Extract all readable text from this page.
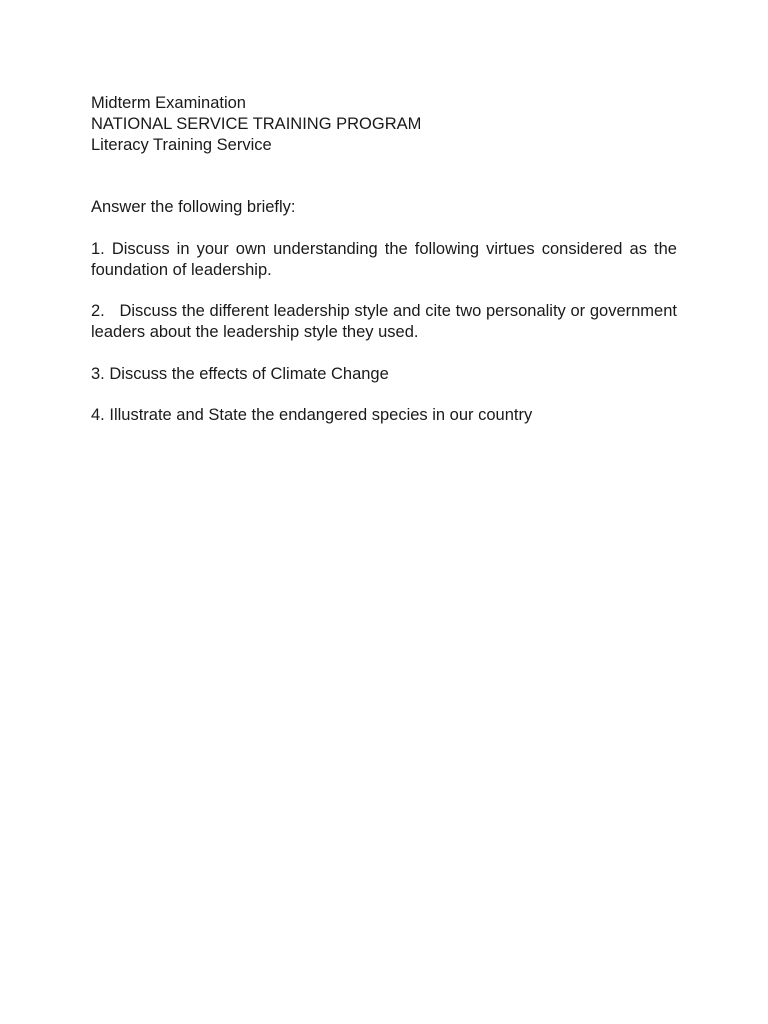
Midterm Examination

NATIONAL SERVICE TRAINING PROGRAM

Literacy Training Service

Answer the following briefly:

1. Discuss in your own understanding the following virtues considered as the foundation of leadership.

2. Discuss the different leadership style and cite two personality or government leaders about the leadership style they used.

3. Discuss the effects of Climate Change

4. Illustrate and State the endangered species in our country
